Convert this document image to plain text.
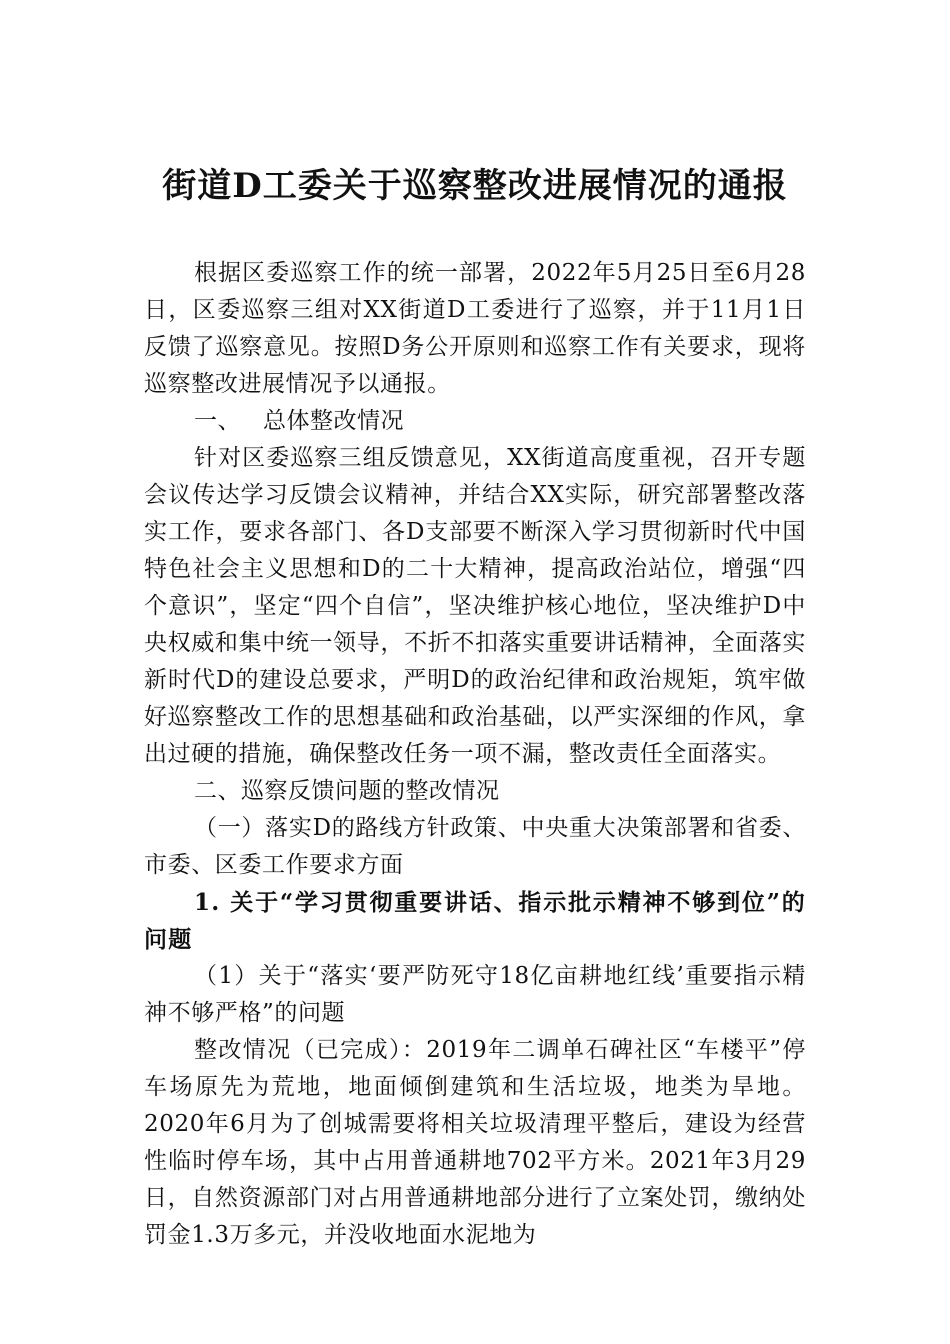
街道D工委关于巡察整改进展情况的通报

根据区委巡察工作的统一部署，2022年5月25日至6月28日，区委巡察三组对XX街道D工委进行了巡察，并于11月1日反馈了巡察意见。按照D务公开原则和巡察工作有关要求，现将巡察整改进展情况予以通报。

一、 总体整改情况

针对区委巡察三组反馈意见，XX街道高度重视，召开专题会议传达学习反馈会议精神，并结合XX实际，研究部署整改落实工作，要求各部门、各D支部要不断深入学习贯彻新时代中国特色社会主义思想和D的二十大精神，提高政治站位，增强“四个意识”，坚定“四个自信”，坚决维护核心地位，坚决维护D中央权威和集中统一领导，不折不扣落实重要讲话精神，全面落实新时代D的建设总要求，严明D的政治纪律和政治规矩，筑牢做好巡察整改工作的思想基础和政治基础，以严实深细的作风，拿出过硬的措施，确保整改任务一项不漏，整改责任全面落实。

二、巡察反馈问题的整改情况

（一）落实D的路线方针政策、中央重大决策部署和省委、市委、区委工作要求方面

1. 关于“学习贯彻重要讲话、指示批示精神不够到位”的问题

（1）关于“落实‘要严防死守18亿亩耕地红线’重要指示精神不够严格”的问题

整改情况（已完成）：2019年二调单石碑社区“车楼平”停车场原先为荒地，地面倾倒建筑和生活垃圾，地类为旱地。2020年6月为了创城需要将相关垃圾清理平整后，建设为经营性临时停车场，其中占用普通耕地702平方米。2021年3月29日，自然资源部门对占用普通耕地部分进行了立案处罚，缴纳处罚金1.3万多元，并没收地面水泥地为
